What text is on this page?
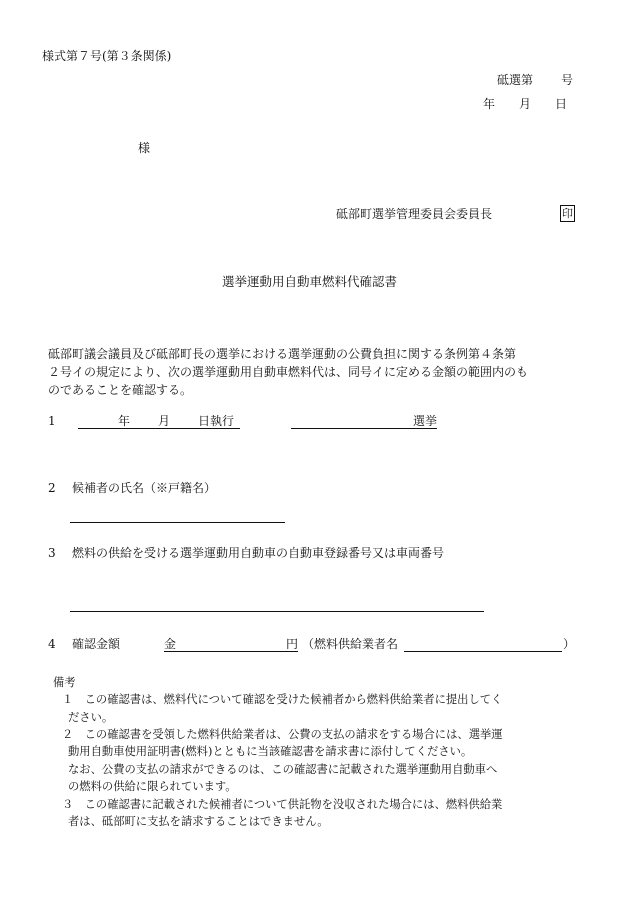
様式第７号(第３条関係)
砥選第 号
年 月 日
様
砥部町選挙管理委員会委員長	印
選挙運動用自動車燃料代確認書
砥部町議会議員及び砥部町長の選挙における選挙運動の公費負担に関する条例第４条第
２号イの規定により、次の選挙運動用自動車燃料代は、同号イに定める金額の範囲内のも
のであることを確認する。
1	年 月 日執行	選挙
2 候補者の氏名（※戸籍名）
3 燃料の供給を受ける選挙運動用自動車の自動車登録番号又は車両番号
4 確認金額	金	円 （燃料供給業者名	）
備考
１　この確認書は、燃料代について確認を受けた候補者から燃料供給業者に提出してく
ださい。
２　この確認書を受領した燃料供給業者は、公費の支払の請求をする場合には、選挙運
動用自動車使用証明書(燃料)とともに当該確認書を請求書に添付してください。
なお、公費の支払の請求ができるのは、この確認書に記載された選挙運動用自動車へ
の燃料の供給に限られています。
３　この確認書に記載された候補者について供託物を没収された場合には、燃料供給業
者は、砥部町に支払を請求することはできません。
